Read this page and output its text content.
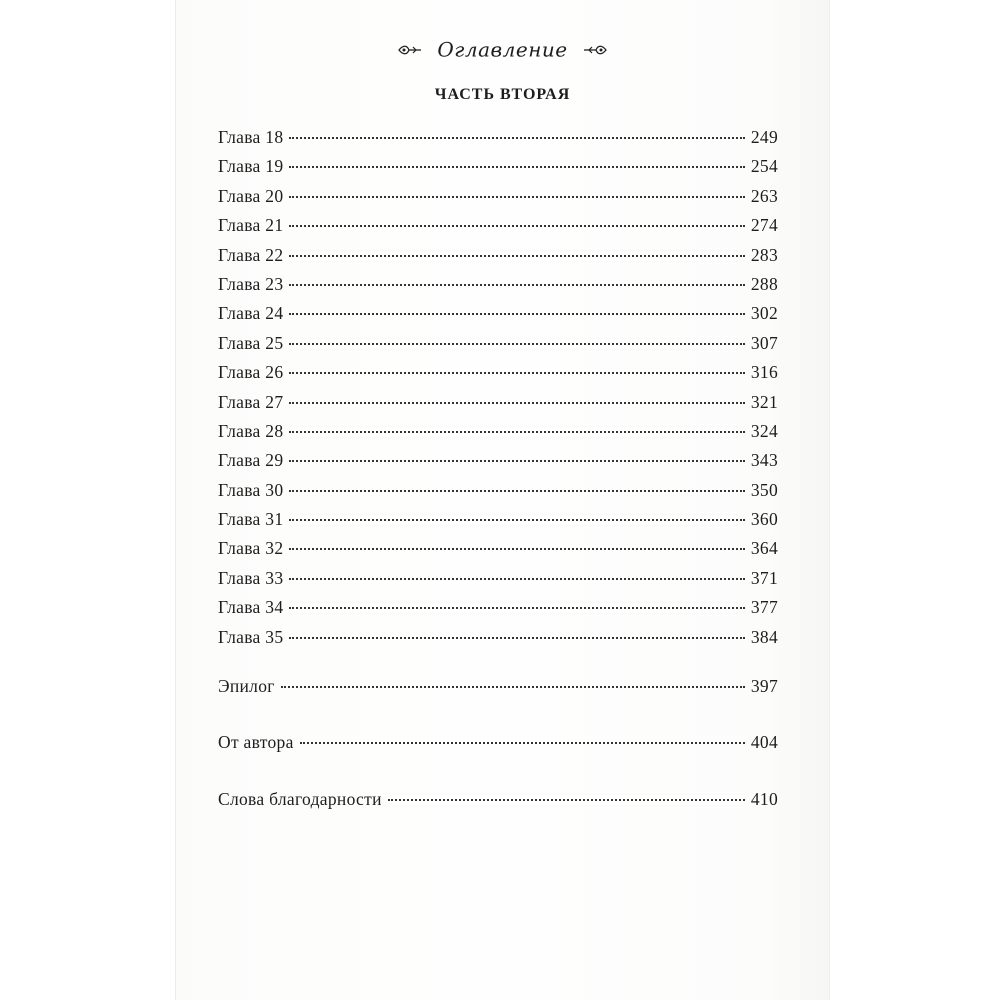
Оглавление
ЧАСТЬ ВТОРАЯ
Глава 18	249
Глава 19	254
Глава 20	263
Глава 21	274
Глава 22	283
Глава 23	288
Глава 24	302
Глава 25	307
Глава 26	316
Глава 27	321
Глава 28	324
Глава 29	343
Глава 30	350
Глава 31	360
Глава 32	364
Глава 33	371
Глава 34	377
Глава 35	384
Эпилог	397
От автора	404
Слова благодарности	410
